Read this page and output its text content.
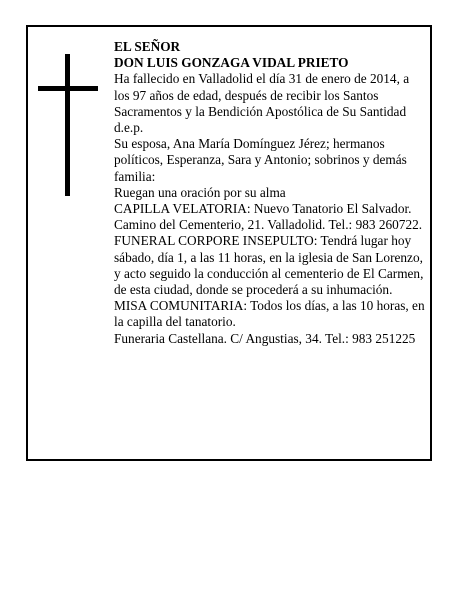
EL SEÑOR

DON LUIS GONZAGA VIDAL PRIETO

Ha fallecido en Valladolid el día 31 de enero de 2014, a los 97 años de edad, después de recibir los Santos Sacramentos y la Bendición Apostólica de Su Santidad d.e.p.

Su esposa, Ana María Domínguez Jérez; hermanos políticos, Esperanza, Sara y Antonio; sobrinos y demás familia:

Ruegan una oración por su alma

CAPILLA VELATORIA: Nuevo Tanatorio El Salvador. Camino del Cementerio, 21. Valladolid. Tel.: 983 260722.

FUNERAL CORPORE INSEPULTO: Tendrá lugar hoy sábado, día 1, a las 11 horas, en la iglesia de San Lorenzo, y acto seguido la conducción al cementerio de El Carmen, de esta ciudad, donde se procederá a su inhumación.

MISA COMUNITARIA: Todos los días, a las 10 horas, en la capilla del tanatorio.

Funeraria Castellana. C/ Angustias, 34. Tel.: 983 251225
